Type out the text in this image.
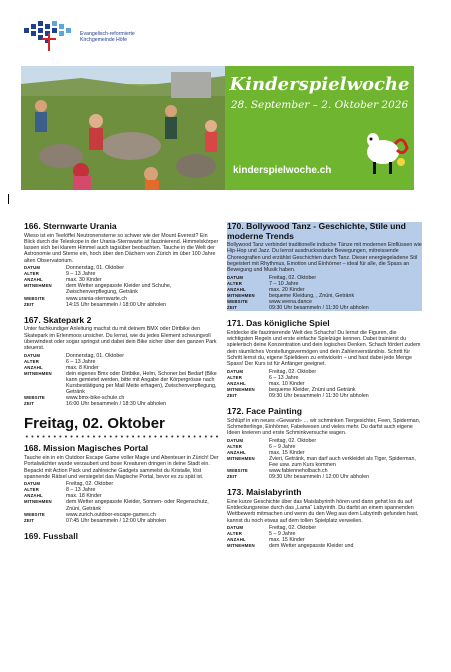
Evangelisch-reformierte
Kirchgemeinde Höfe
Kinderspielwoche
28. September – 2. Oktober 2026
kinderspielwoche.ch
166. Sternwarte Urania

Wieso ist ein Teelöffel Neutronensterne so schwer wie der Mount Everest? Ein Blick durch die Teleskope in der Urania-Sternwarte ist faszinierend. Himmelskörper lassen sich bei klarem Himmel auch tagsüber beobachten. Tauche in die Welt der Astronomie und Sterne ein, hoch über den Dächern von Zürich im über 100 Jahre alten Observatorium.

DATUM	Donnerstag, 01. Oktober
ALTER	9 – 13 Jahre
ANZAHL	max. 30 Kinder
MITNEHMEN	dem Wetter angepasste Kleider und Schuhe, Zwischenverpflegung, Getränk
WEBSITE	www.urania-sternwarte.ch
ZEIT	14:15 Uhr besammeln / 18:00 Uhr abholen
167. Skatepark 2

Unter fachkundiger Anleitung machst du mit deinem BMX oder Dirtbike den Skatepark im Erlenmoos unsicher. Du lernst, wie du jedes Element schwungvoll überwindest oder sogar springst und dabei dein Bike sicher über den ganzen Park steuerst.

DATUM	Donnerstag, 01. Oktober
ALTER	6 – 13 Jahre
ANZAHL	max. 8 Kinder
MITNEHMEN	dein eigenes Bmx oder Dirtbike, Helm, Schoner bei Bedarf (Bike kann gemietet werden, bitte mit Angabe der Körpergrösse nach Kursbestätigung per Mail Meite erfragen), Zwischenverpflegung, Getränk
WEBSITE	www.bmx-bike-schule.ch
ZEIT	16:00 Uhr besammeln / 18:30 Uhr abholen
Freitag, 02. Oktober
168. Mission Magisches Portal

Tauche ein in ein Outdoor Escape Game voller Magie und Abenteuer in Zürich! Der Portalwächter wurde verzaubert und bose Kreaturen dringen in deine Stadt ein. Bepackt mit Action Pack und zahlreiche Gadgets sammelst du Kristalle, löst spannende Rätsel und versiegelst das Magische Portal, bevor es zu spät ist.

DATUM	Freitag, 02. Oktober
ALTER	8 – 13 Jahre
ANZAHL	max. 18 Kinder
MITNEHMEN	dem Wetter angepasste Kleider, Sonnen- oder Regenschutz, Znüni, Getränk
WEBSITE	www.zurich.outdoor-escape-games.ch
ZEIT	07:45 Uhr besammeln / 12:00 Uhr abholen
169. Fussball
170. Bollywood Tanz - Geschichte, Stile und moderne Trends

Bollywood Tanz verbindet traditionelle indische Tänze mit modernen Einflüssen wie Hip-Hop und Jazz. Du lernst ausdrucksstarke Bewegungen, mitreissende Choreografien und erzählst Geschichten durch Tanz. Dieser energiegeladene Stil begeistert mit Rhythmus, Emotion und Einhörner – ideal für alle, die Spass an Bewegung und Musik haben.

DATUM	Freitag, 02. Oktober
ALTER	7 – 10 Jahre
ANZAHL	max. 20 Kinder
MITNEHMEN	bequeme Kleidung, , Znüni, Getränk
WEBSITE	www.veena.dance
ZEIT	09:30 Uhr besammeln / 11:30 Uhr abholen
171. Das königliche Spiel

Entdecke die faszinierende Welt des Schachs! Du lernst die Figuren, die wichtigsten Regeln und erste einfache Spielzüge kennen. Dabei trainierst du spielerisch deine Konzentration und dein logisches Denken. Schach fördert zudem dein räumliches Vorstellungsvermögen und dein Zahlenverständnis. Schritt für Schritt lernst du, eigene Spielideen zu entwickeln – und hast dabei jede Menge Spass! Der Kurs ist für Anfänger geeignet.

DATUM	Freitag, 02. Oktober
ALTER	6 – 13 Jahre
ANZAHL	max. 10 Kinder
MITNEHMEN	bequeme Kleider, Znüni und Getränk
ZEIT	09:30 Uhr besammeln / 11:30 Uhr abholen
172. Face Painting

Schlüpf in ein neues «Gewand» … wir schminken Tiergesichter, Feen, Spiderman, Schmetterlinge, Einhörner, Fabelwesen und vieles mehr. Du darfst auch eigene Ideen kreieren und erste Schminkversuche wagen.

DATUM	Freitag, 02. Oktober
ALTER	6 – 9 Jahre
ANZAHL	max. 15 Kinder
MITNEHMEN	Zvieri, Getränk, man darf auch verkleidet als Tiger, Spiderman, Fee usw. zum Kurs kommen
WEBSITE	www.fabienneholbach.ch
ZEIT	09:30 Uhr besammeln / 12:00 Uhr abholen
173. Maislabyrinth

Eine kurze Geschichte über das Maislabyrinth hören und dann gehst los du auf Entdeckungsreise durch das „Lama“ Labyrinth. Du darfst an einem spannenden Wettbewerb mitmachen und wenn du den Weg aus dem Labyrinth gefunden hast, kannst du noch etwas auf dem tollen Spielplatz verweilen.

DATUM	Freitag, 02. Oktober
ALTER	5 – 9 Jahre
ANZAHL	max. 15 Kinder
MITNEHMEN	dem Wetter angepasste Kleider und
